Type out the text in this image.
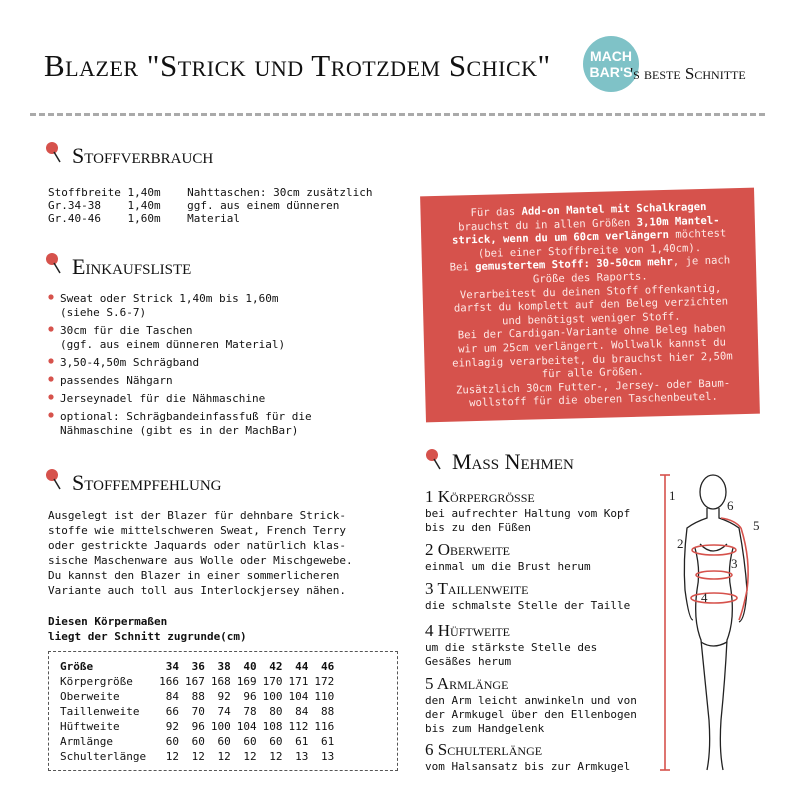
Blazer "Strick und Trotzdem Schick"	MACH
BAR'S
's beste Schnitte
Stoffverbrauch
Stoffbreite 1,40m    Nahttaschen: 30cm zusätzlich
Gr.34-38    1,40m    ggf. aus einem dünneren
Gr.40-46    1,60m    Material
Einkaufsliste
Sweat oder Strick 1,40m bis 1,60m
(siehe S.6-7)
30cm für die Taschen
(ggf. aus einem dünneren Material)
3,50-4,50m Schrägband
passendes Nähgarn
Jerseynadel für die Nähmaschine
optional: Schrägbandeinfassfuß für die
Nähmaschine (gibt es in der MachBar)
Stoffempfehlung
Ausgelegt ist der Blazer für dehnbare Strick-
stoffe wie mittelschweren Sweat, French Terry
oder gestrickte Jaquards oder natürlich klas-
sische Maschenware aus Wolle oder Mischgewebe.
Du kannst den Blazer in einer sommerlicheren
Variante auch toll aus Interlockjersey nähen.
Diesen Körpermaßen
liegt der Schnitt zugrunde(cm)
Größe	34	36	38	40	42	44	46
Körpergröße	166	167	168	169	170	171	172
Oberweite	84	88	92	96	100	104	110
Taillenweite	66	70	74	78	80	84	88
Hüftweite	92	96	100	104	108	112	116
Armlänge	60	60	60	60	60	61	61
Schulterlänge	12	12	12	12	12	13	13
Für das Add-on Mantel mit Schalkragen
brauchst du in allen Größen 3,10m Mantel-
strick, wenn du um 60cm verlängern möchtest
(bei einer Stoffbreite von 1,40cm).
Bei gemustertem Stoff: 30-50cm mehr, je nach
Größe des Raports.
Verarbeitest du deinen Stoff offenkantig,
darfst du komplett auf den Beleg verzichten
und benötigst weniger Stoff.
Bei der Cardigan-Variante ohne Beleg haben
wir um 25cm verlängert. Wollwalk kannst du
einlagig verarbeitet, du brauchst hier 2,50m
für alle Größen.
Zusätzlich 30cm Futter-, Jersey- oder Baum-
wollstoff für die oberen Taschenbeutel.
Maß Nehmen
1 Körpergröße
bei aufrechter Haltung vom Kopf
bis zu den Füßen
2 Oberweite
einmal um die Brust herum
3 Taillenweite
die schmalste Stelle der Taille
4 Hüftweite
um die stärkste Stelle des
Gesäßes herum
5 Armlänge
den Arm leicht anwinkeln und von
der Armkugel über den Ellenbogen
bis zum Handgelenk
6 Schulterlänge
vom Halsansatz bis zur Armkugel
1
2
3
4
5
6
